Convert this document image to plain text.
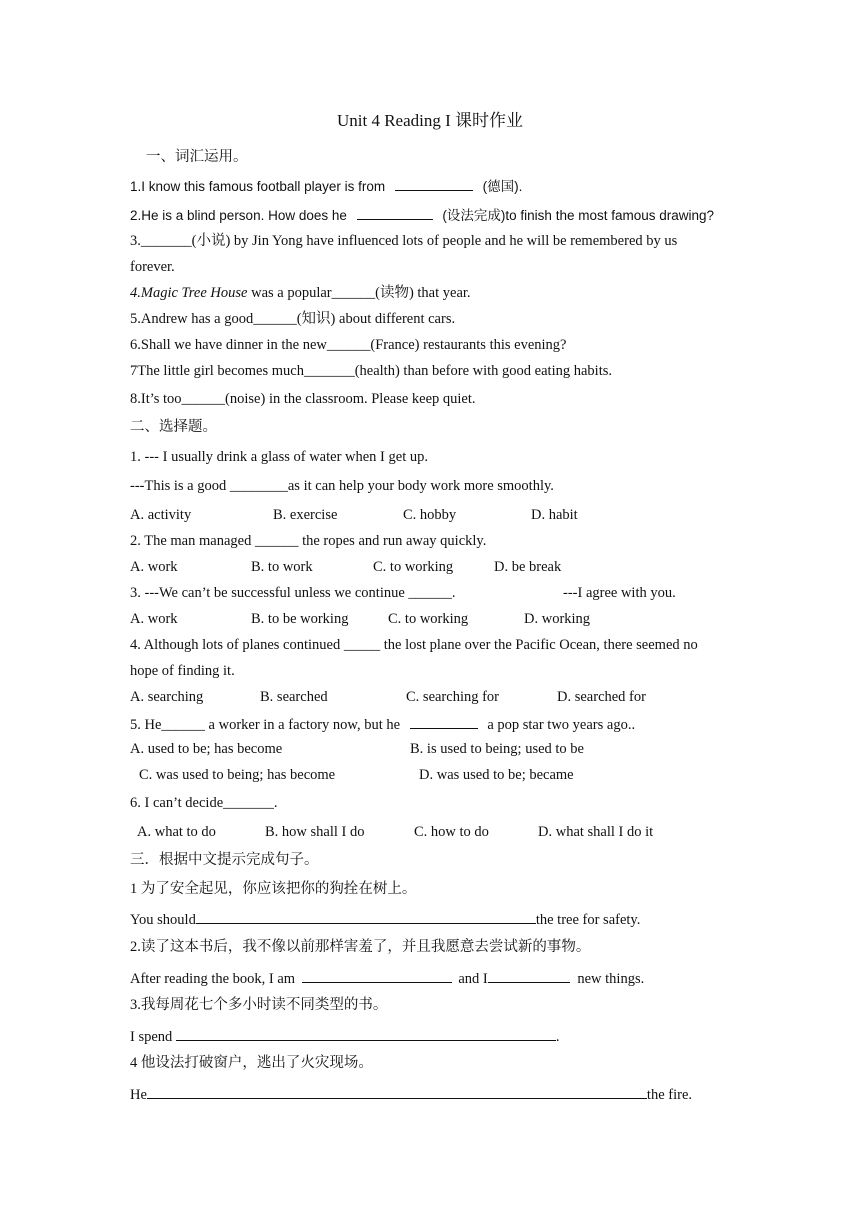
Unit 4 Reading I 课时作业
一、词汇运用。
1.I know this famous football player is from	(德国).
2.He is a blind person. How does he	(设法完成)to finish the most famous drawing?
3._______(小说) by Jin Yong have influenced lots of people and he will be remembered by us
forever.
4.Magic Tree House was a popular______(读物) that year.
5.Andrew has a good______(知识) about different cars.
6.Shall we have dinner in the new______(France) restaurants this evening?
7The little girl becomes much_______(health) than before with good eating habits.
8.It’s too______(noise) in the classroom. Please keep quiet.
二、选择题。
1. --- I usually drink a glass of water when I get up.
---This is a good ________as it can help your body work more smoothly.
A. activity	B. exercise	C. hobby	D. habit
2. The man managed ______ the ropes and run away quickly.
A. work	B. to work	C. to working	D. be break
3. ---We can’t be successful unless we continue ______.	---I agree with you.
A. work	B. to be working	C. to working	D. working
4. Although lots of planes continued _____ the lost plane over the Pacific Ocean, there seemed no
hope of finding it.
A. searching	B. searched	C. searching for	D. searched for
5. He______ a worker in a factory now, but he	a pop star two years ago..
A. used to be; has become	B. is used to being; used to be
C. was used to being; has become	D. was used to be; became
6. I can’t decide_______.
A. what to do	B. how shall I do	C. how to do	D. what shall I do it
三．根据中文提示完成句子。
1 为了安全起见，你应该把你的狗拴在树上。
You should	the tree for safety.
2.读了这本书后，我不像以前那样害羞了，并且我愿意去尝试新的事物。
After reading the book, I am	and I	new things.
3.我每周花七个多小时读不同类型的书。
I spend	.
4 他设法打破窗户，逃出了火灾现场。
He	the fire.
